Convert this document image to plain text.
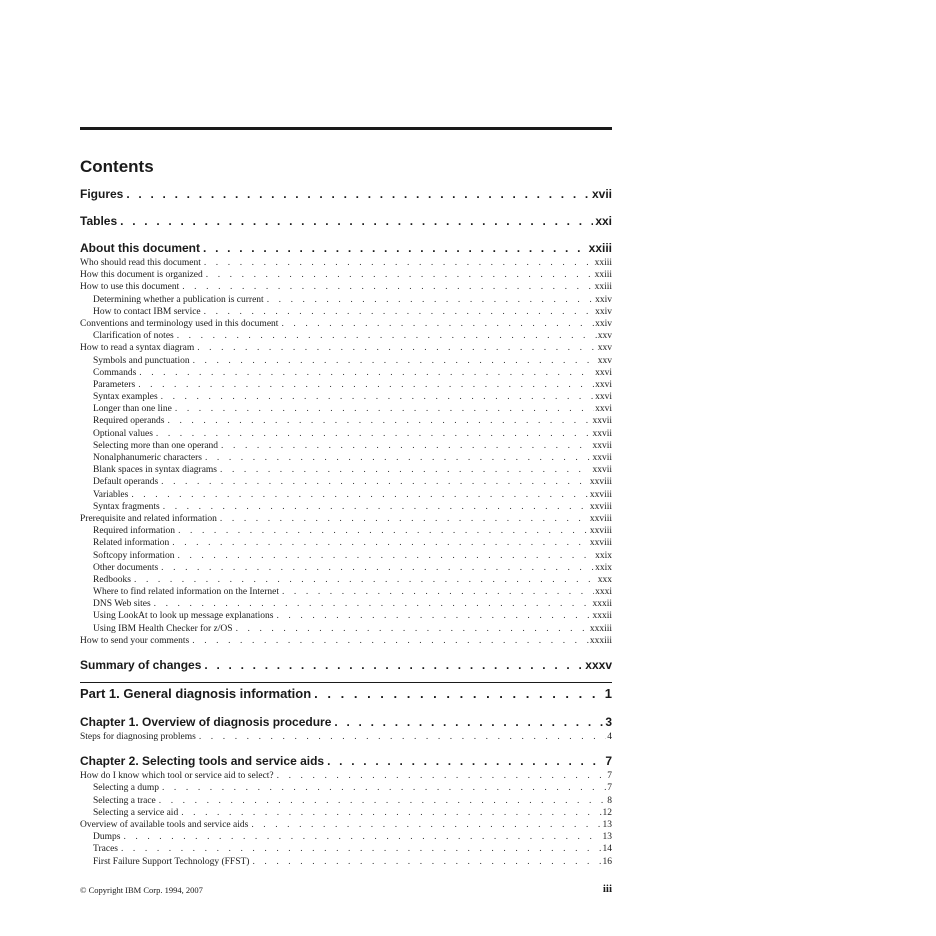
Contents
Figures . . .	xvii
Tables . . .	xxi
About this document . . .	xxiii
Who should read this document . . .	xxiii
How this document is organized . . .	xxiii
How to use this document . . .	xxiii
Determining whether a publication is current . . .	xxiv
How to contact IBM service . . .	xxiv
Conventions and terminology used in this document . . .	xxiv
Clarification of notes . . .	xxv
How to read a syntax diagram . . .	xxv
Symbols and punctuation . . .	xxv
Commands . . .	xxvi
Parameters . . .	xxvi
Syntax examples . . .	xxvi
Longer than one line . . .	xxvi
Required operands . . .	xxvii
Optional values . . .	xxvii
Selecting more than one operand . . .	xxvii
Nonalphanumeric characters . . .	xxvii
Blank spaces in syntax diagrams . . .	xxvii
Default operands . . .	xxviii
Variables . . .	xxviii
Syntax fragments . . .	xxviii
Prerequisite and related information . . .	xxviii
Required information . . .	xxviii
Related information . . .	xxviii
Softcopy information . . .	xxix
Other documents . . .	xxix
Redbooks . . .	xxx
Where to find related information on the Internet . . .	xxxi
DNS Web sites . . .	xxxii
Using LookAt to look up message explanations . . .	xxxii
Using IBM Health Checker for z/OS . . .	xxxiii
How to send your comments . . .	xxxiii
Summary of changes . . .	xxxv
Part 1. General diagnosis information . . .	1
Chapter 1. Overview of diagnosis procedure . . .	3
Steps for diagnosing problems . . .	4
Chapter 2. Selecting tools and service aids . . .	7
How do I know which tool or service aid to select? . . .	7
Selecting a dump . . .	7
Selecting a trace . . .	8
Selecting a service aid . . .	12
Overview of available tools and service aids . . .	13
Dumps . . .	13
Traces . . .	14
First Failure Support Technology (FFST) . . .	16
© Copyright IBM Corp. 1994, 2007	iii
